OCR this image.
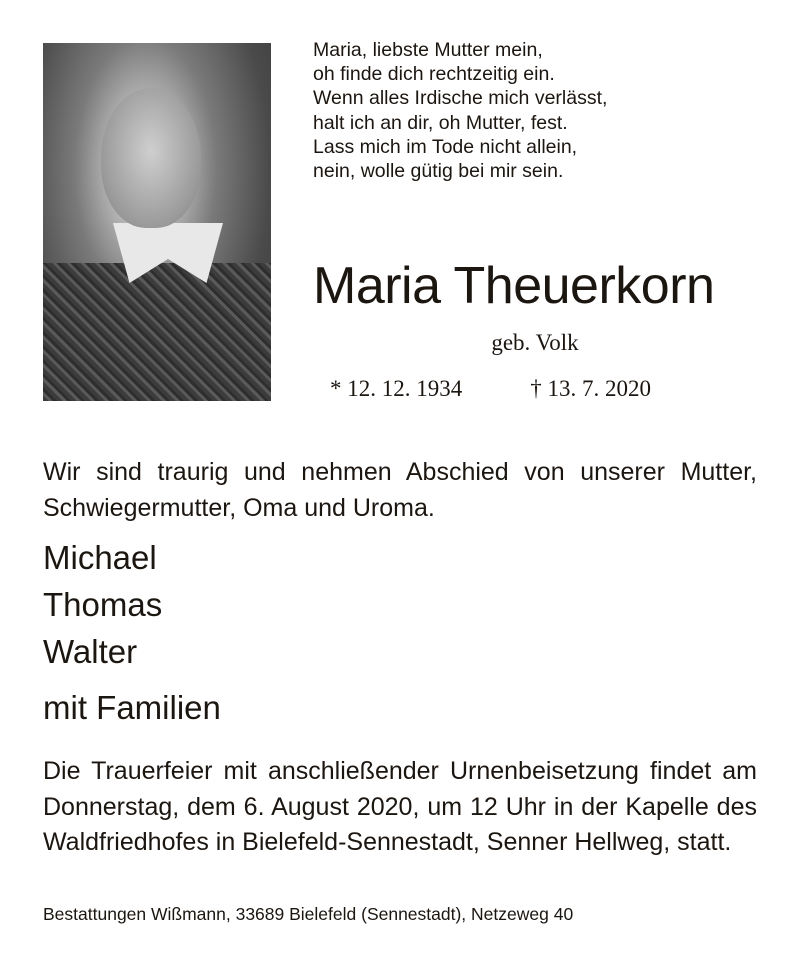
Maria, liebste Mutter mein,
oh finde dich rechtzeitig ein.
Wenn alles Irdische mich verlässt,
halt ich an dir, oh Mutter, fest.
Lass mich im Tode nicht allein,
nein, wolle gütig bei mir sein.
Maria Theuerkorn
geb. Volk
* 12. 12. 1934	† 13. 7. 2020
Wir sind traurig und nehmen Abschied von unserer Mutter, Schwiegermutter, Oma und Uroma.
Michael
Thomas
Walter
mit Familien
Die Trauerfeier mit anschließender Urnenbeisetzung findet am Donnerstag, dem 6. August 2020, um 12 Uhr in der Kapelle des Waldfriedhofes in Bielefeld-Sennestadt, Senner Hellweg, statt.
Bestattungen Wißmann, 33689 Bielefeld (Sennestadt), Netzeweg 40
